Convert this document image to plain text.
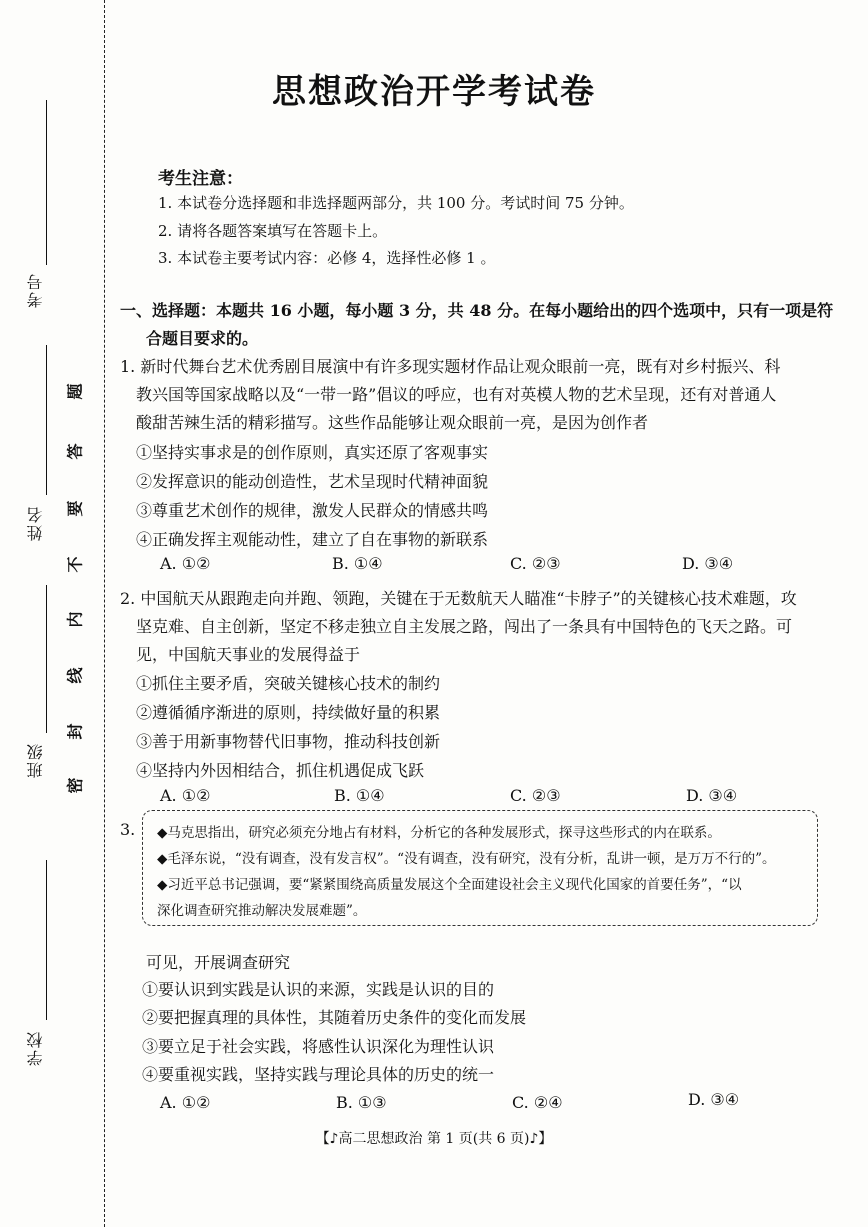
考号
姓名
班级
学校
题
答
要
不
内
线
封
密
思想政治开学考试卷
考生注意：
1. 本试卷分选择题和非选择题两部分，共 100 分。考试时间 75 分钟。
2. 请将各题答案填写在答题卡上。
3. 本试卷主要考试内容：必修 4，选择性必修 1 。
一、选择题：本题共 16 小题，每小题 3 分，共 48 分。在每小题给出的四个选项中，只有一项是符
合题目要求的。
1. 新时代舞台艺术优秀剧目展演中有许多现实题材作品让观众眼前一亮，既有对乡村振兴、科
教兴国等国家战略以及“一带一路”倡议的呼应，也有对英模人物的艺术呈现，还有对普通人
酸甜苦辣生活的精彩描写。这些作品能够让观众眼前一亮，是因为创作者
①坚持实事求是的创作原则，真实还原了客观事实
②发挥意识的能动创造性，艺术呈现时代精神面貌
③尊重艺术创作的规律，激发人民群众的情感共鸣
④正确发挥主观能动性，建立了自在事物的新联系
A. ①②	B. ①④	C. ②③	D. ③④
2. 中国航天从跟跑走向并跑、领跑，关键在于无数航天人瞄准“卡脖子”的关键核心技术难题，攻
坚克难、自主创新，坚定不移走独立自主发展之路，闯出了一条具有中国特色的飞天之路。可
见，中国航天事业的发展得益于
①抓住主要矛盾，突破关键核心技术的制约
②遵循循序渐进的原则，持续做好量的积累
③善于用新事物替代旧事物，推动科技创新
④坚持内外因相结合，抓住机遇促成飞跃
A. ①②	B. ①④	C. ②③	D. ③④
3. ◆马克思指出，研究必须充分地占有材料，分析它的各种发展形式，探寻这些形式的内在联系。
◆毛泽东说，“没有调查，没有发言权”。“没有调查，没有研究，没有分析，乱讲一顿，是万万不行的”。
◆习近平总书记强调，要“紧紧围绕高质量发展这个全面建设社会主义现代化国家的首要任务”，“以
深化调查研究推动解决发展难题”。
可见，开展调查研究
①要认识到实践是认识的来源，实践是认识的目的
②要把握真理的具体性，其随着历史条件的变化而发展
③要立足于社会实践，将感性认识深化为理性认识
④要重视实践，坚持实践与理论具体的历史的统一
A. ①②	B. ①③	C. ②④	D. ③④
【♪高二思想政治 第 1 页(共 6 页)♪】
